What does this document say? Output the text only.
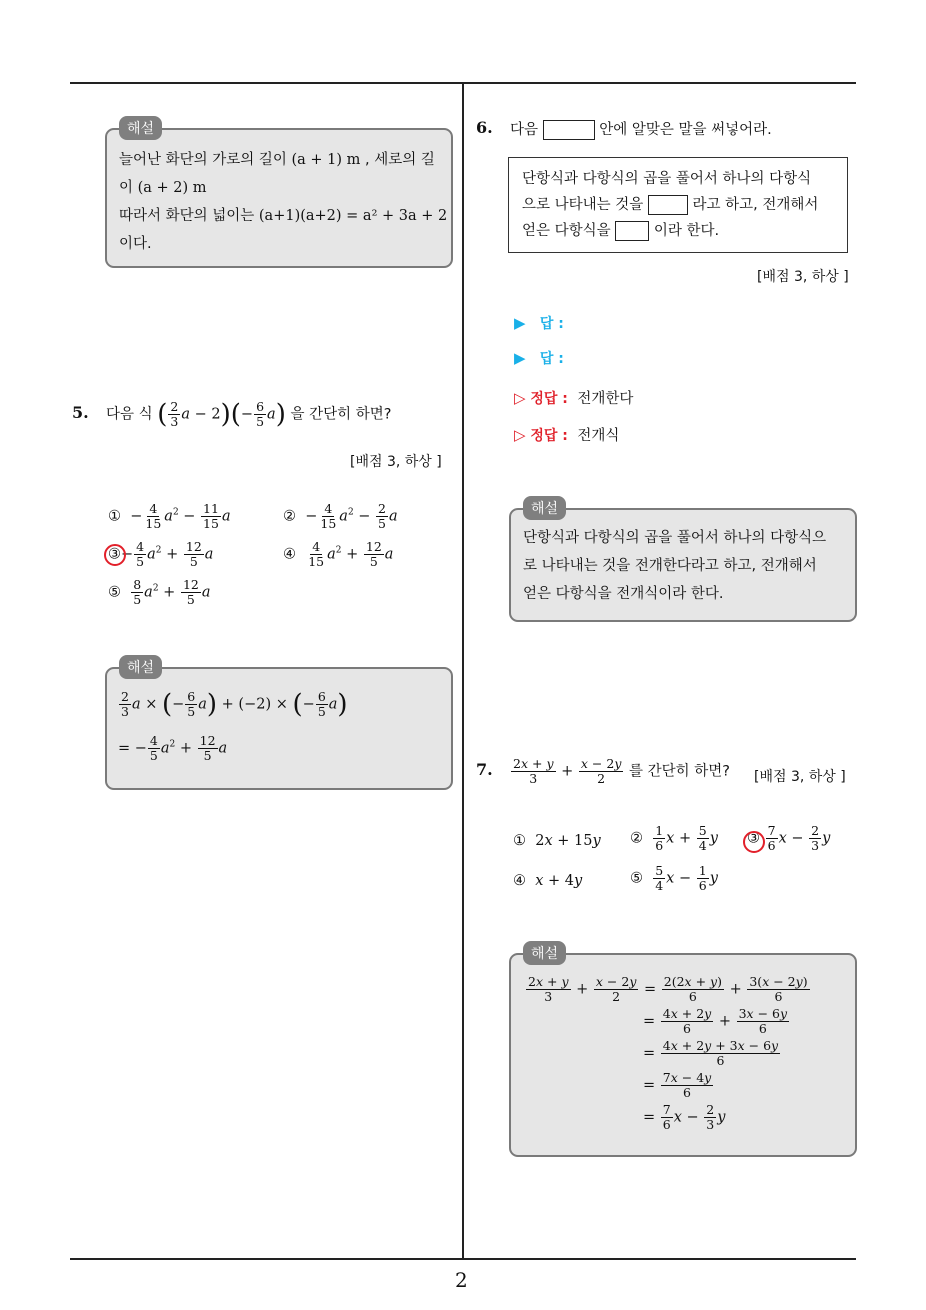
2
해설
늘어난 화단의 가로의 길이 (a + 1) m , 세로의 길
이 (a + 2) m
따라서 화단의 넓이는 (a+1)(a+2) = a² + 3a + 2
이다.
5. 다음 식 ( $\frac{2}{3}$ $a - 2)(- \frac{6}{5} a)$ 을 간단히 하면?
[배점 3, 하상 ]
①  − $\frac{4}{15} a^2 - \frac{11}{15}$ a	②  − $\frac{4}{15} a^2 - \frac{2}{5}$ a
③− $\frac{4}{5} a^2 + \frac{12}{5}$ a	④ $\frac{4}{15} a^2 + \frac{12}{5}$ a
⑤ $\frac{8}{5} a^2 + \frac{12}{5}$ a
해설
$\frac{2}{3}$ a × (− $\frac{6}{5} a) + (-2)$ × (− $\frac{6}{5} a$)
= − $\frac{4}{5} a^2 + \frac{12}{5}$ a
6. 다음	안에 알맞은 말을 써넣어라.
단항식과 다항식의 곱을 풀어서 하나의 다항식
으로 나타내는 것을	라고 하고, 전개해서
얻은 다항식을	이라 한다.
[배점 3, 하상 ]
▶ 답 :
▶ 답 :
▷ 정답 : 전개한다
▷ 정답 : 전개식
해설
단항식과 다항식의 곱을 풀어서 하나의 다항식으
로 나타내는 것을 전개한다라고 하고, 전개해서
얻은 다항식을 전개식이라 한다.
7. $\frac{2x + y}{3} + \frac{x - 2y}{2}$ 를 간단히 하면? [배점 3, 하상 ]
①  2x + 15y ② $\frac{1}{6}$ $x + \frac{5}{4}$ y ③ $\frac{7}{6}$ $x - \frac{2}{3}$ y
④ x + 4y	⑤ $\frac{5}{4}$ $x - \frac{1}{6}$ y
해설
$\frac{2x + y}{3} + \frac{x - 2y}{2} = \frac{2(2x + y)}{6} + \frac{3(x - 2y)}{6}$
= $\frac{4x + 2y}{6} + \frac{3x - 6y}{6}$
= $\frac{4x + 2y + 3x - 6y}{6}$
= $\frac{7x - 4y}{6}$
= $\frac{7}{6}$ $x - \frac{2}{3}$ y
